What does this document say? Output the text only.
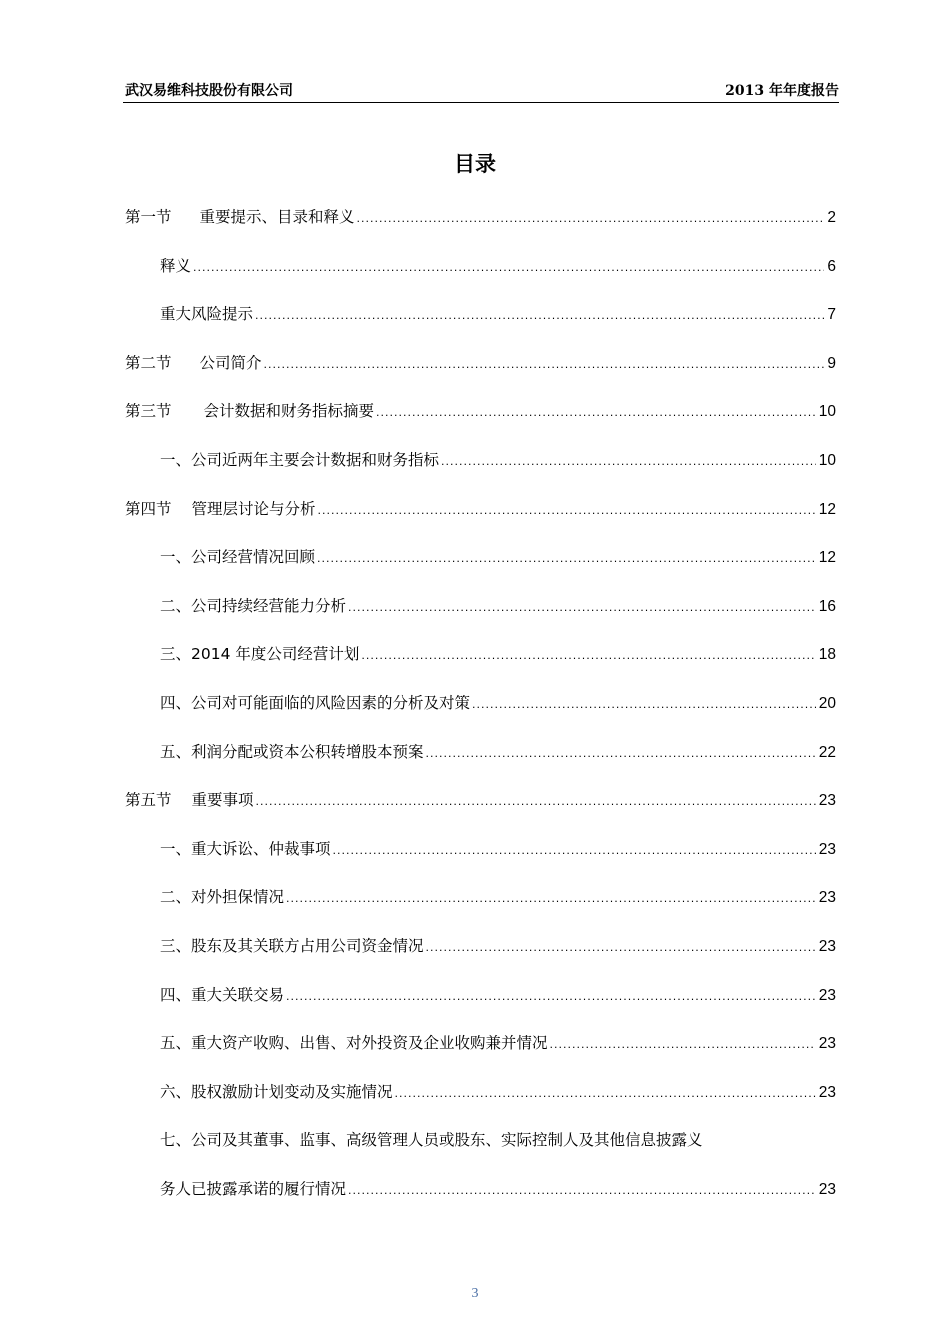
武汉易维科技股份有限公司	2013 年年度报告
目录
第一节 重要提示、目录和释义 .....	2
释义 .....	6
重大风险提示 .....	7
第二节 公司简介 .....	9
第三节 会计数据和财务指标摘要 .....	10
一、公司近两年主要会计数据和财务指标 .....	10
第四节 管理层讨论与分析 .....	12
一、公司经营情况回顾 .....	12
二、公司持续经营能力分析 .....	16
三、2014 年度公司经营计划 .....	18
四、公司对可能面临的风险因素的分析及对策 .....	20
五、利润分配或资本公积转增股本预案 .....	22
第五节 重要事项 .....	23
一、重大诉讼、仲裁事项 .....	23
二、对外担保情况 .....	23
三、股东及其关联方占用公司资金情况 .....	23
四、重大关联交易 .....	23
五、重大资产收购、出售、对外投资及企业收购兼并情况 .....	23
六、股权激励计划变动及实施情况 .....	23
七、公司及其董事、监事、高级管理人员或股东、实际控制人及其他信息披露义
务人已披露承诺的履行情况 .....	23
3
